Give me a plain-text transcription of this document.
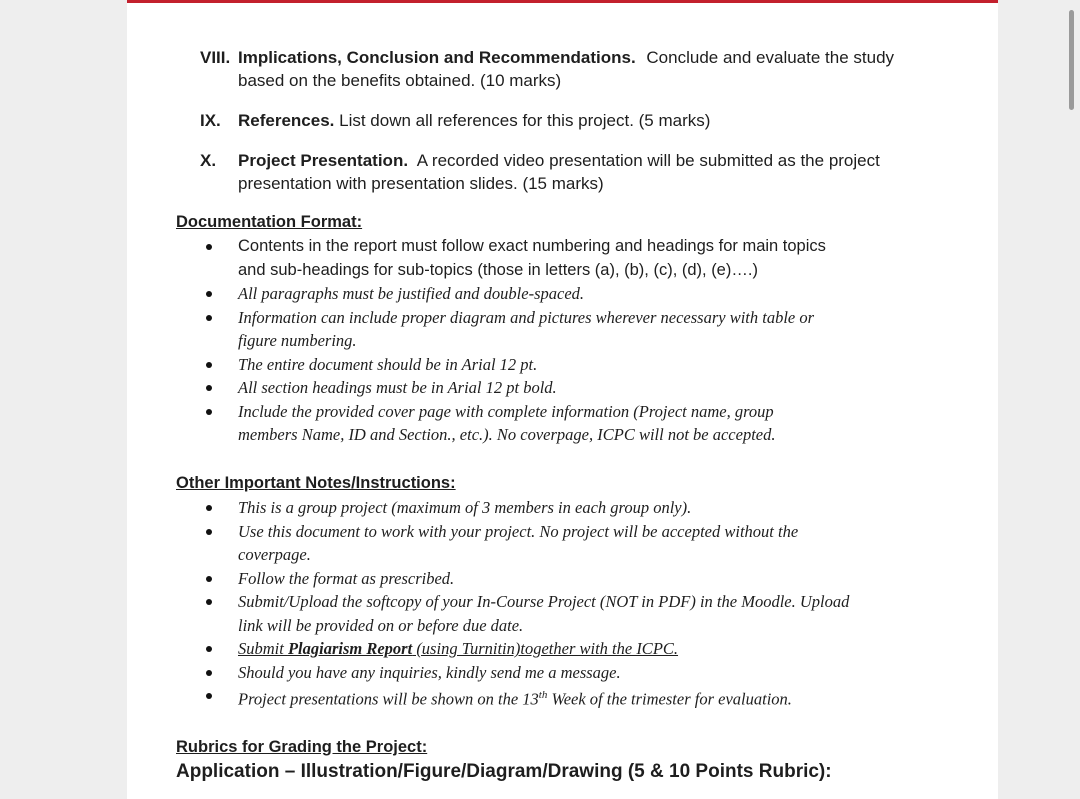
VIII. Implications, Conclusion and Recommendations. Conclude and evaluate the study
based on the benefits obtained. (10 marks)
IX. References. List down all references for this project. (5 marks)
X. Project Presentation. A recorded video presentation will be submitted as the project
presentation with presentation slides. (15 marks)
Documentation Format:
Contents in the report must follow exact numbering and headings for main topics
and sub-headings for sub-topics (those in letters (a), (b), (c), (d), (e)….)
All paragraphs must be justified and double-spaced.
Information can include proper diagram and pictures wherever necessary with table or
figure numbering.
The entire document should be in Arial 12 pt.
All section headings must be in Arial 12 pt bold.
Include the provided cover page with complete information (Project name, group
members Name, ID and Section., etc.). No coverpage, ICPC will not be accepted.
Other Important Notes/Instructions:
This is a group project (maximum of 3 members in each group only).
Use this document to work with your project. No project will be accepted without the
coverpage.
Follow the format as prescribed.
Submit/Upload the softcopy of your In-Course Project (NOT in PDF) in the Moodle. Upload
link will be provided on or before due date.
Submit Plagiarism Report (using Turnitin)together with the ICPC.
Should you have any inquiries, kindly send me a message.
Project presentations will be shown on the 13th Week of the trimester for evaluation.
Rubrics for Grading the Project:
Application – Illustration/Figure/Diagram/Drawing (5 & 10 Points Rubric):
